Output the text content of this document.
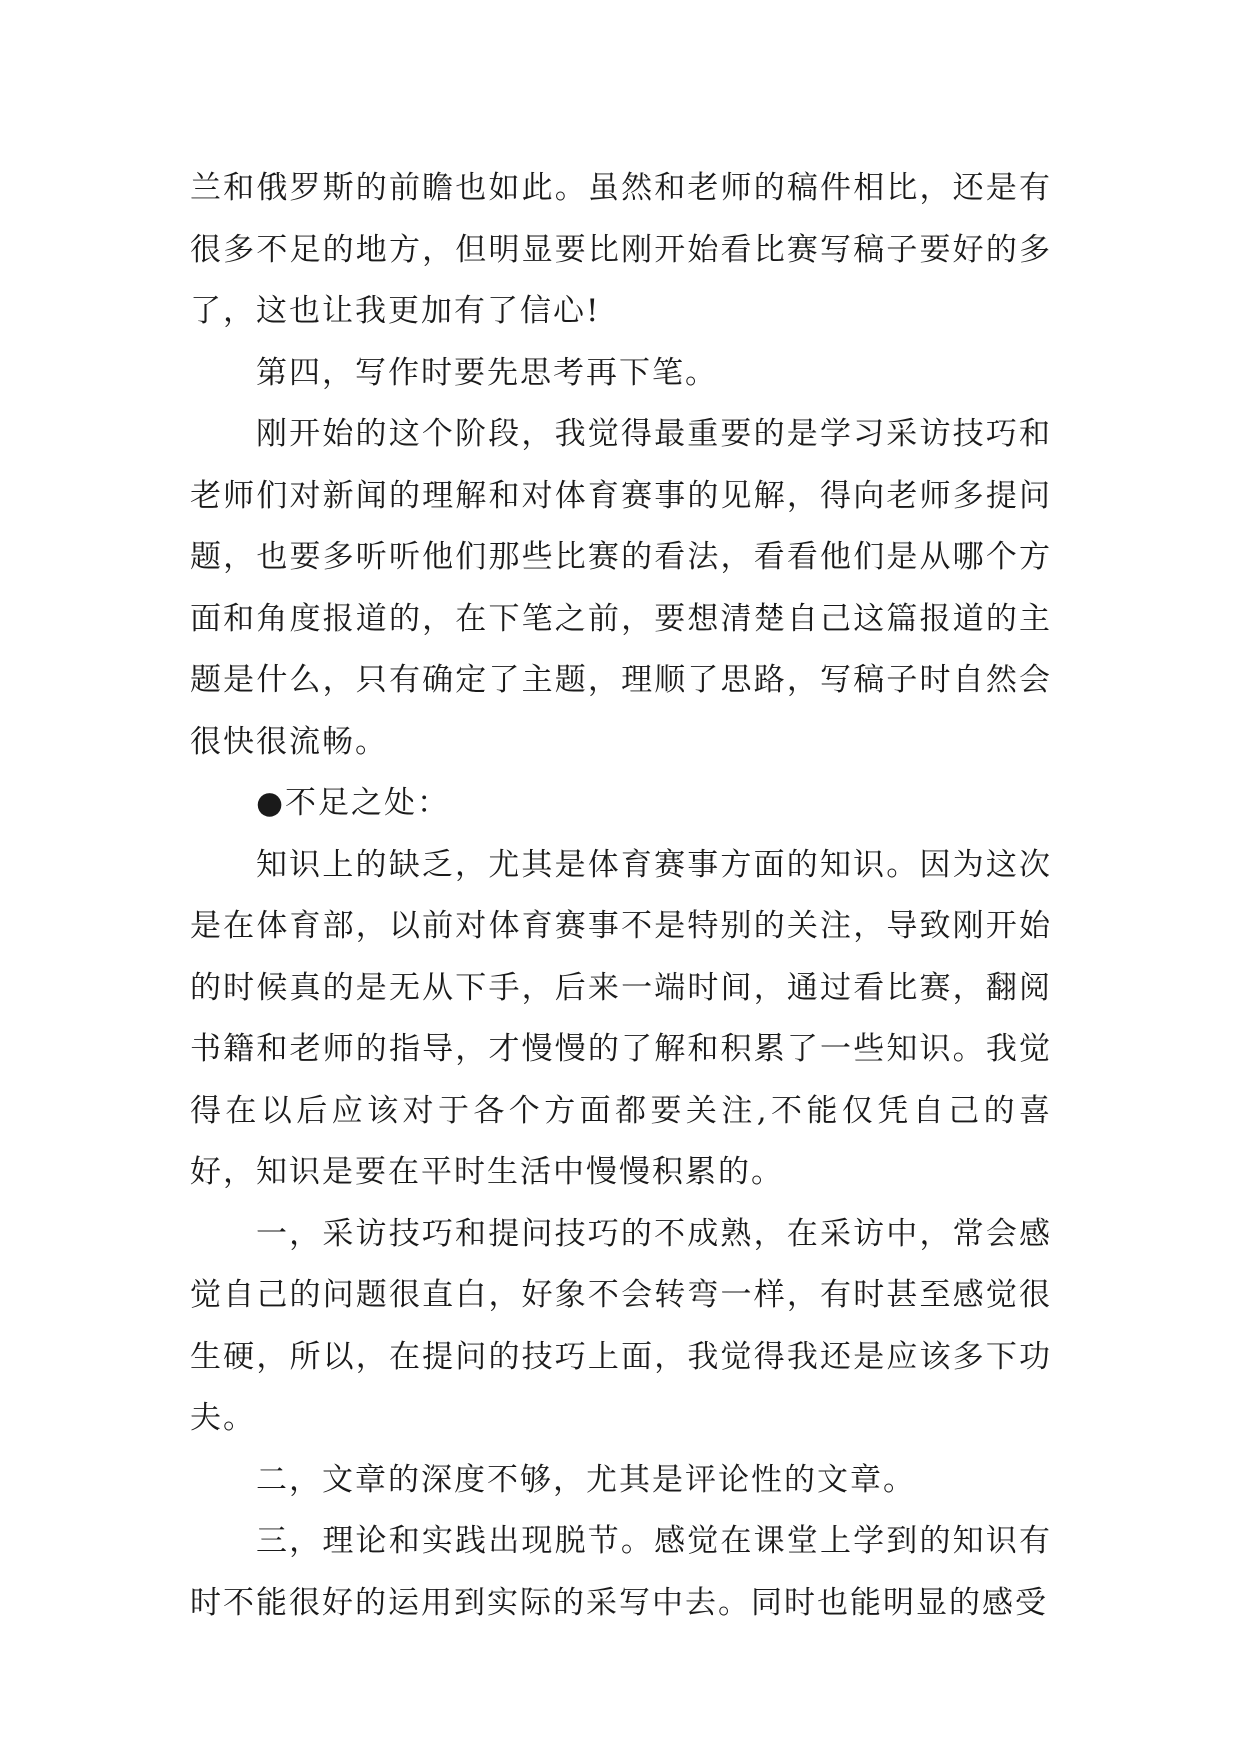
兰和俄罗斯的前瞻也如此。虽然和老师的稿件相比，还是有很多不足的地方，但明显要比刚开始看比赛写稿子要好的多了，这也让我更加有了信心!

第四，写作时要先思考再下笔。

刚开始的这个阶段，我觉得最重要的是学习采访技巧和老师们对新闻的理解和对体育赛事的见解，得向老师多提问题，也要多听听他们那些比赛的看法，看看他们是从哪个方面和角度报道的，在下笔之前，要想清楚自己这篇报道的主题是什么，只有确定了主题，理顺了思路，写稿子时自然会很快很流畅。

●不足之处：

知识上的缺乏，尤其是体育赛事方面的知识。因为这次是在体育部，以前对体育赛事不是特别的关注，导致刚开始的时候真的是无从下手，后来一端时间，通过看比赛，翻阅书籍和老师的指导，才慢慢的了解和积累了一些知识。我觉得在以后应该对于各个方面都要关注,不能仅凭自己的喜好，知识是要在平时生活中慢慢积累的。

一，采访技巧和提问技巧的不成熟，在采访中，常会感觉自己的问题很直白，好象不会转弯一样，有时甚至感觉很生硬，所以，在提问的技巧上面，我觉得我还是应该多下功夫。

二，文章的深度不够，尤其是评论性的文章。

三，理论和实践出现脱节。感觉在课堂上学到的知识有时不能很好的运用到实际的采写中去。同时也能明显的感受
